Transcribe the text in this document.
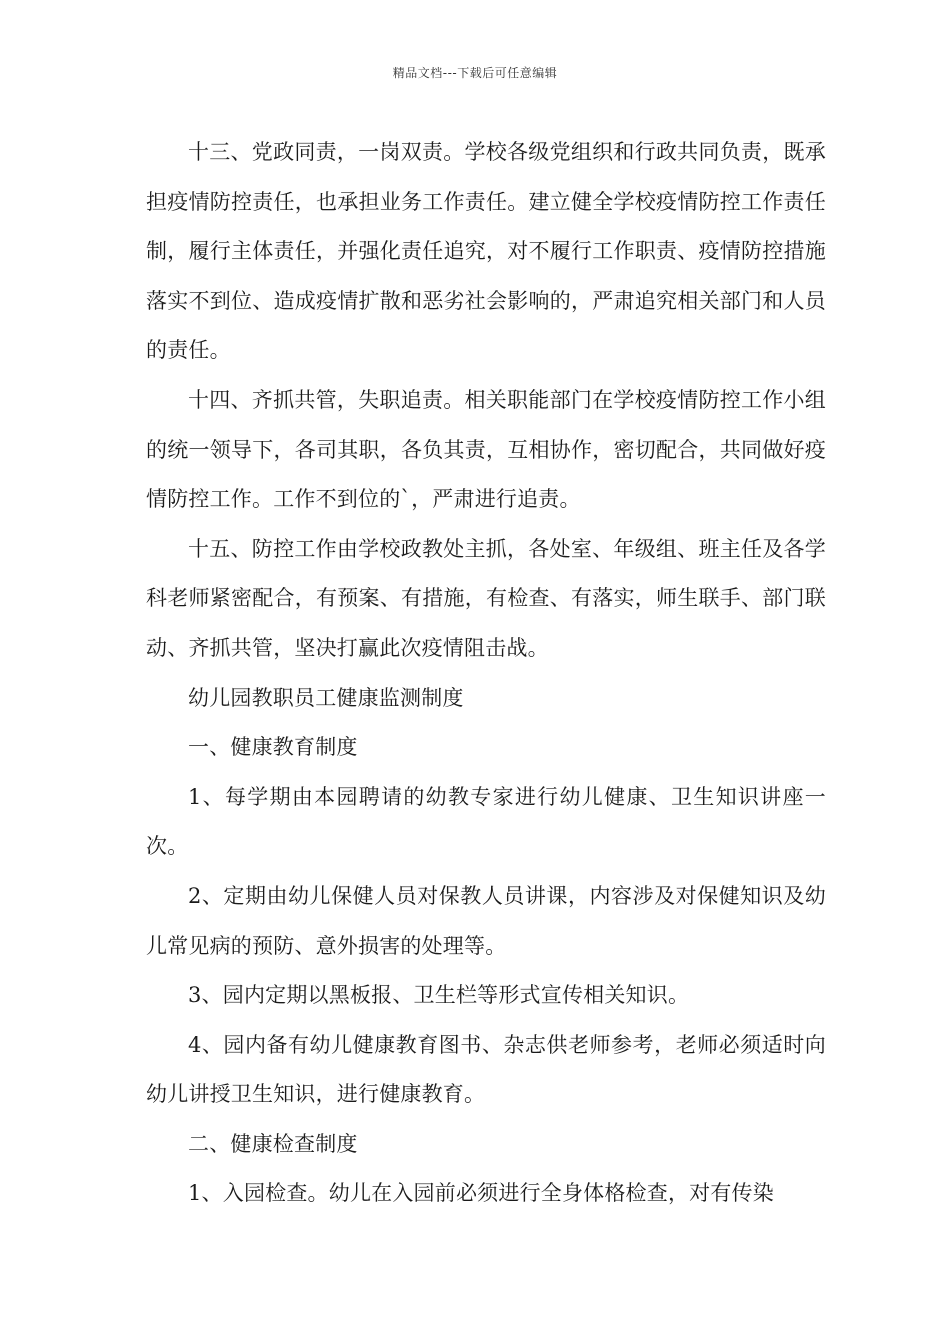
精品文档---下载后可任意编辑

十三、党政同责，一岗双责。学校各级党组织和行政共同负责，既承担疫情防控责任，也承担业务工作责任。建立健全学校疫情防控工作责任制，履行主体责任，并强化责任追究，对不履行工作职责、疫情防控措施落实不到位、造成疫情扩散和恶劣社会影响的，严肃追究相关部门和人员的责任。

十四、齐抓共管，失职追责。相关职能部门在学校疫情防控工作小组的统一领导下，各司其职，各负其责，互相协作，密切配合，共同做好疫情防控工作。工作不到位的`，严肃进行追责。

十五、防控工作由学校政教处主抓，各处室、年级组、班主任及各学科老师紧密配合，有预案、有措施，有检查、有落实，师生联手、部门联动、齐抓共管，坚决打赢此次疫情阻击战。

幼儿园教职员工健康监测制度

一、健康教育制度

1、每学期由本园聘请的幼教专家进行幼儿健康、卫生知识讲座一次。

2、定期由幼儿保健人员对保教人员讲课，内容涉及对保健知识及幼儿常见病的预防、意外损害的处理等。

3、园内定期以黑板报、卫生栏等形式宣传相关知识。

4、园内备有幼儿健康教育图书、杂志供老师参考，老师必须适时向幼儿讲授卫生知识，进行健康教育。

二、健康检查制度

1、入园检查。幼儿在入园前必须进行全身体格检查，对有传染
